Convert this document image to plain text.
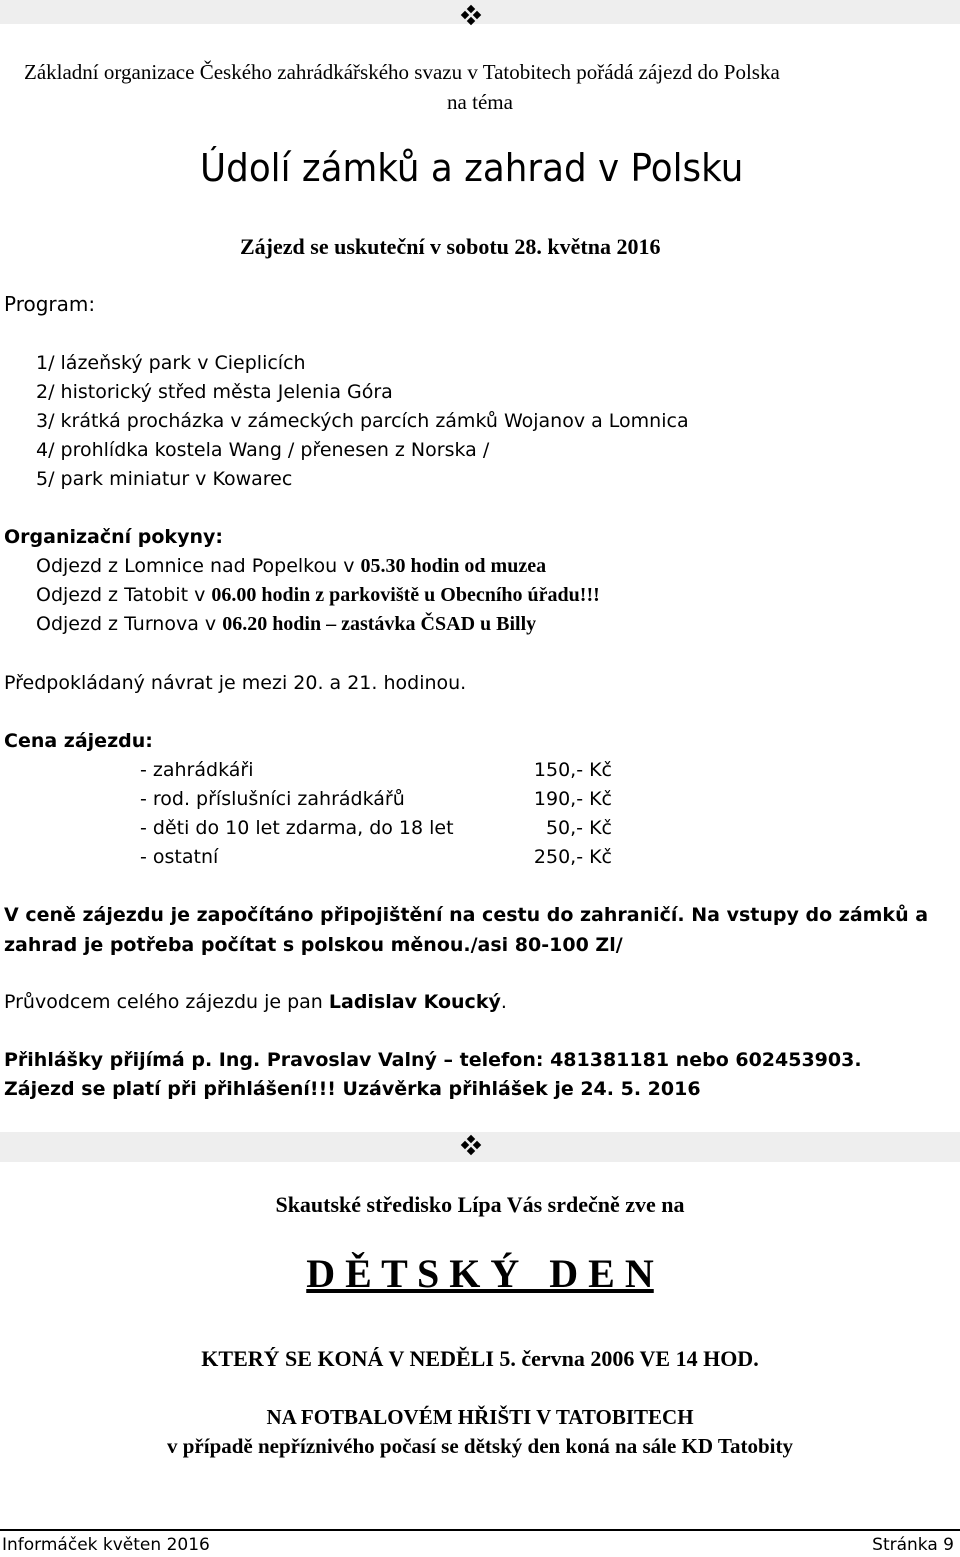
Základní organizace Českého zahrádkářského svazu v Tatobitech pořádá zájezd do Polska
na téma
Údolí zámků a zahrad v Polsku
Zájezd se uskuteční v sobotu 28. května 2016
Program:
1/ lázeňský park v Cieplicích
2/ historický střed města Jelenia Góra
3/ krátká procházka v zámeckých parcích zámků Wojanov a Lomnica
4/ prohlídka kostela Wang / přenesen z Norska /
5/ park miniatur v Kowarec
Organizační pokyny:
Odjezd z Lomnice nad Popelkou v 05.30 hodin od muzea
Odjezd z Tatobit v 06.00 hodin z parkoviště u Obecního úřadu!!!
Odjezd z Turnova v 06.20 hodin – zastávka ČSAD u Billy
Předpokládaný návrat je mezi 20. a 21. hodinou.
Cena zájezdu:
- zahrádkáři	150,- Kč
- rod. příslušníci zahrádkářů	190,- Kč
- děti do 10 let zdarma, do 18 let	50,- Kč
- ostatní	250,- Kč
V ceně zájezdu je započítáno připojištění na cestu do zahraničí. Na vstupy do zámků a
zahrad je potřeba počítat s polskou měnou./asi 80-100 Zl/
Průvodcem celého zájezdu je pan Ladislav Koucký.
Přihlášky přijímá p. Ing. Pravoslav Valný – telefon: 481381181 nebo 602453903.
Zájezd se platí při přihlášení!!! Uzávěrka přihlášek je 24. 5. 2016
Skautské středisko Lípa Vás srdečně zve na
D Ě T S K Ý   D E N
KTERÝ SE KONÁ V NEDĚLI 5. června 2006 VE 14 HOD.
NA FOTBALOVÉM HŘIŠTI V TATOBITECH
v případě nepříznivého počasí se dětský den koná na sále KD Tatobity
Informáček květen 2016	Stránka 9
